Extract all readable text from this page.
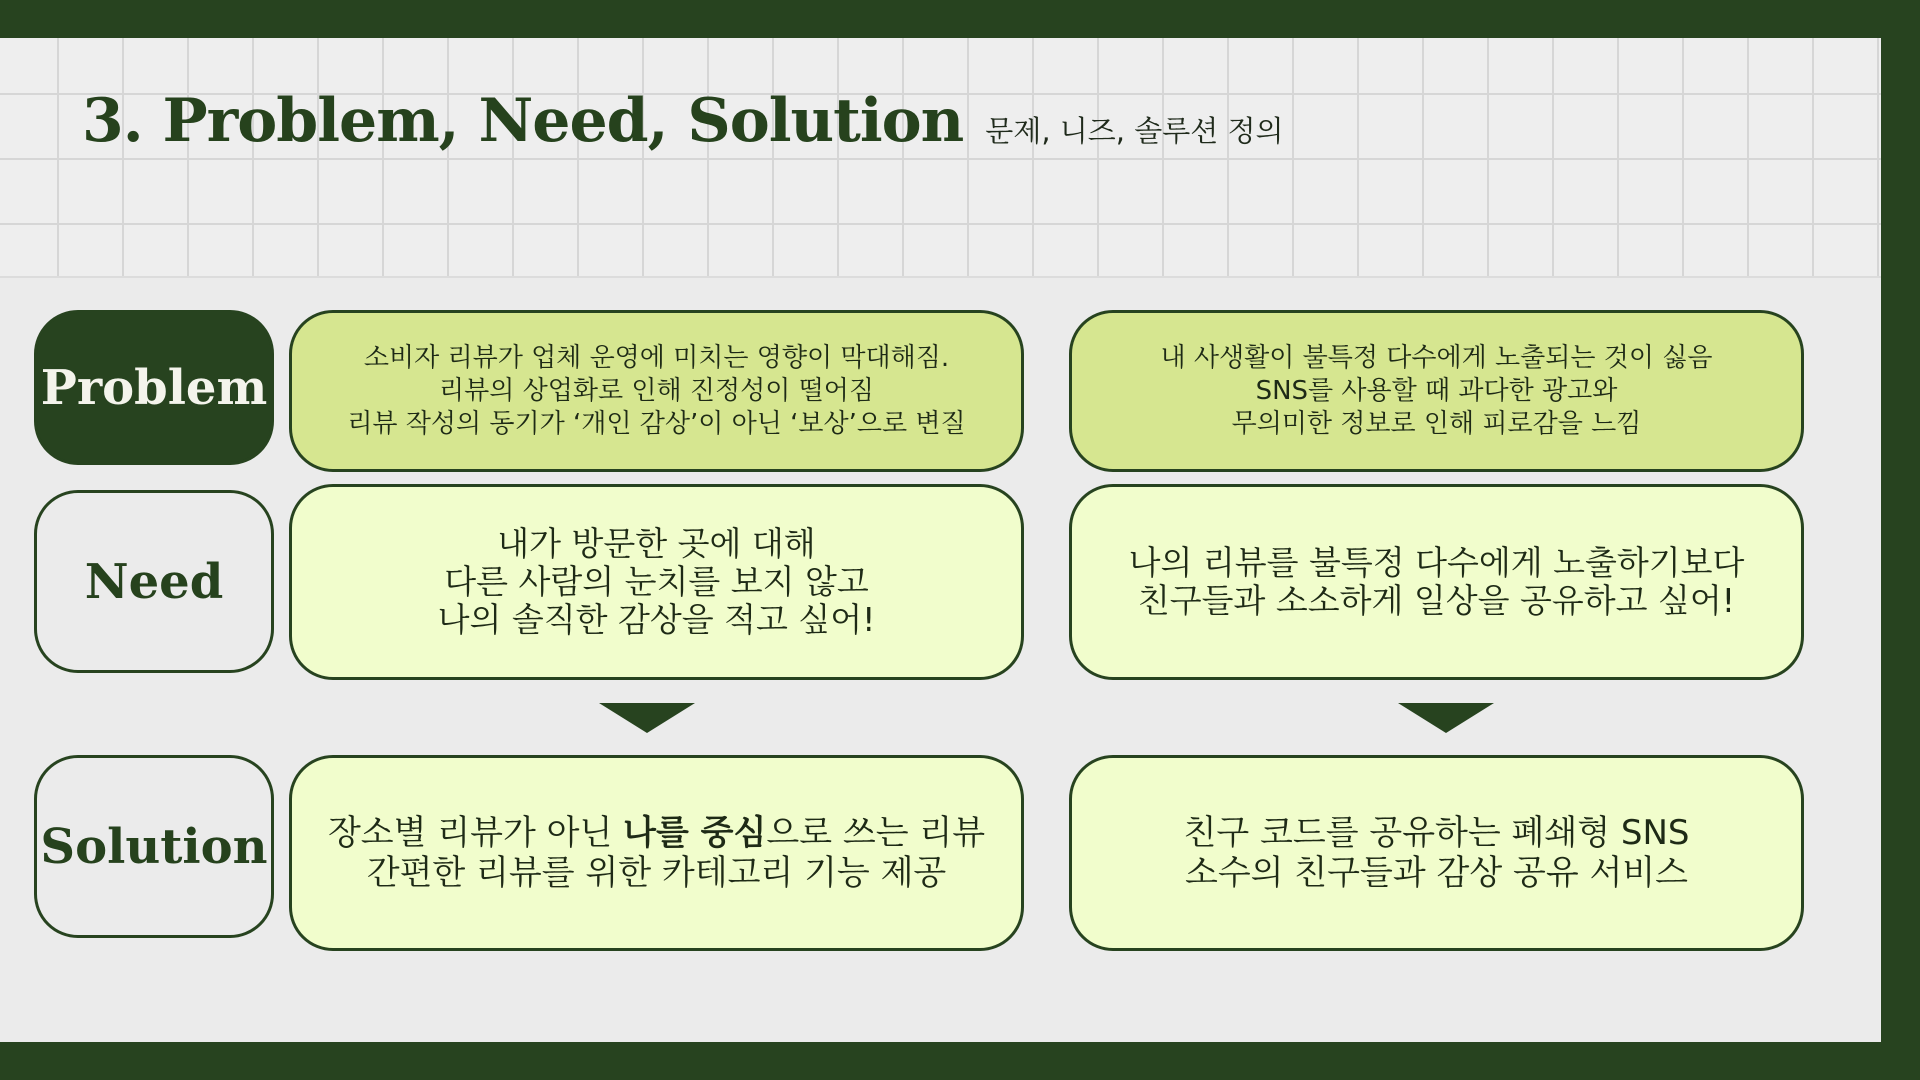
3. Problem, Need, Solution 문제, 니즈, 솔루션 정의
Problem
소비자 리뷰가 업체 운영에 미치는 영향이 막대해짐.
리뷰의 상업화로 인해 진정성이 떨어짐
리뷰 작성의 동기가 ‘개인 감상’이 아닌 ‘보상’으로 변질
내 사생활이 불특정 다수에게 노출되는 것이 싫음
SNS를 사용할 때 과다한 광고와
무의미한 정보로 인해 피로감을 느낌
Need
내가 방문한 곳에 대해
다른 사람의 눈치를 보지 않고
나의 솔직한 감상을 적고 싶어!
나의 리뷰를 불특정 다수에게 노출하기보다
친구들과 소소하게 일상을 공유하고 싶어!
Solution 장소별 리뷰가 아닌 나를 중심으로 쓰는 리뷰
간편한 리뷰를 위한 카테고리 기능 제공
친구 코드를 공유하는 폐쇄형 SNS
소수의 친구들과 감상 공유 서비스
